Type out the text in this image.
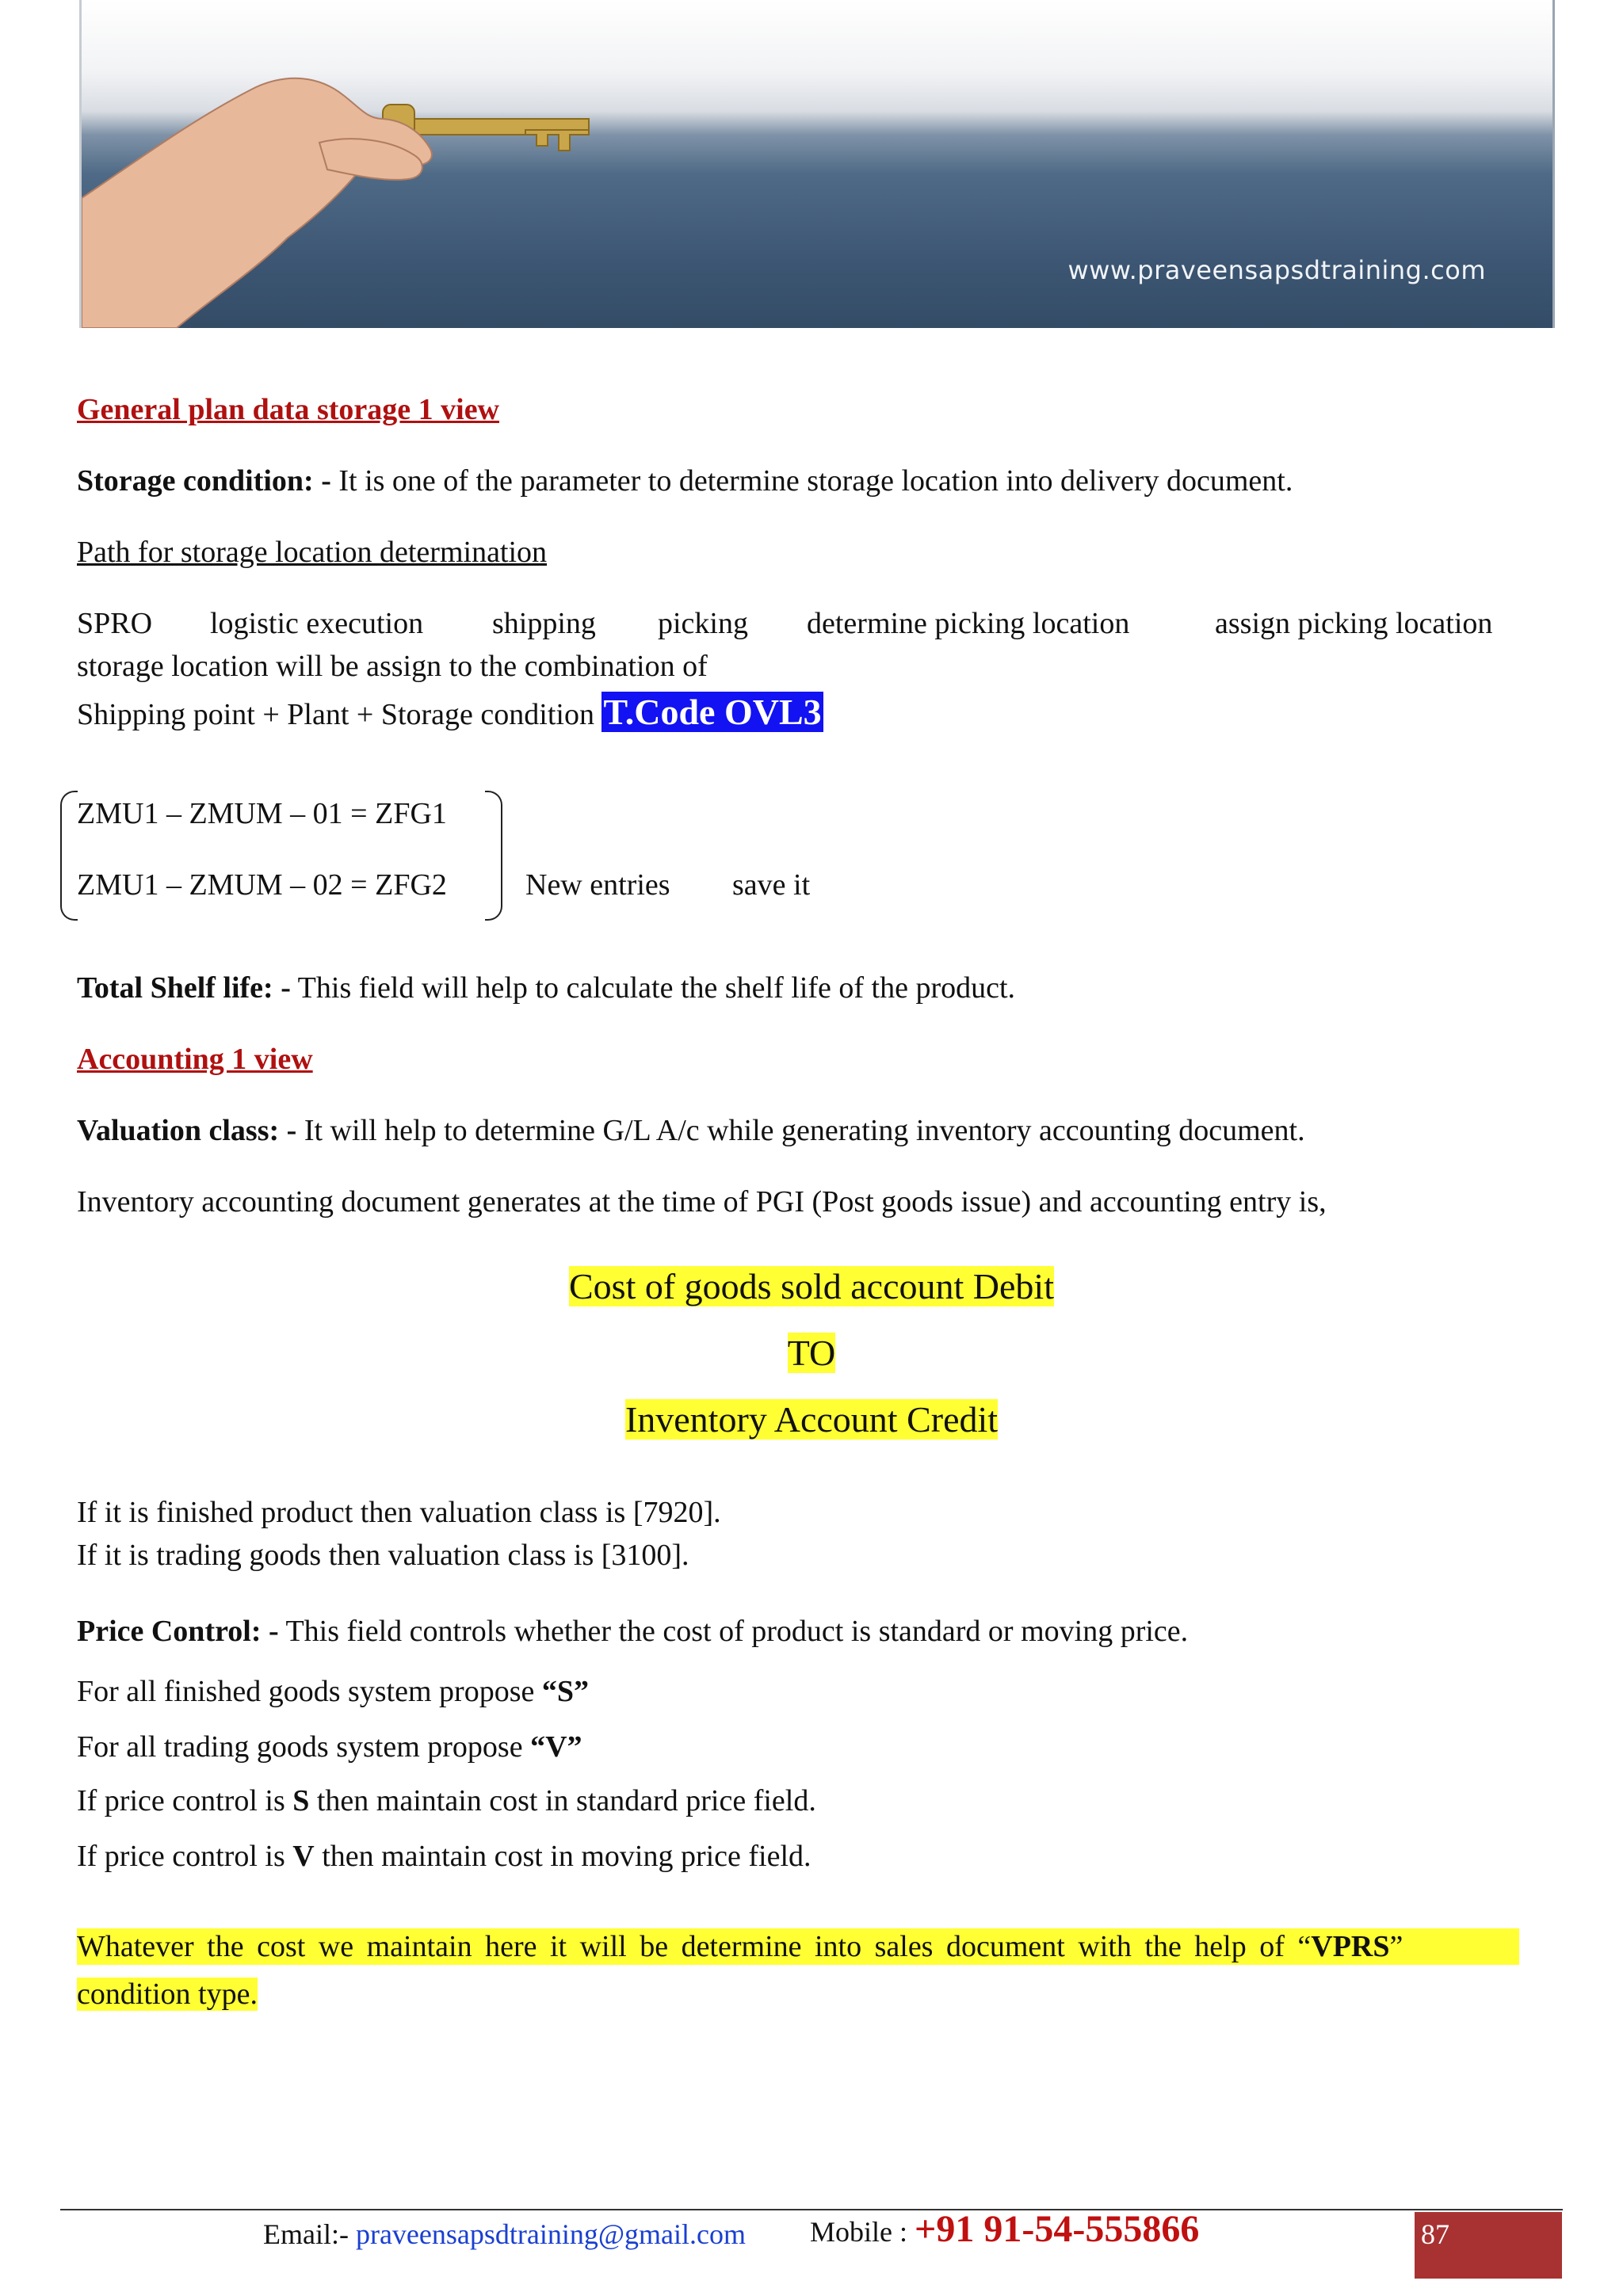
www.praveensapsdtraining.com
General plan data storage 1 view
Storage condition: - It is one of the parameter to determine storage location into delivery document.
Path for storage location determination
SPRO logistic execution shipping picking determine picking location	assign picking location
storage location will be assign to the combination of
Shipping point + Plant + Storage condition T.Code OVL3
ZMU1 – ZMUM – 01 = ZFG1
ZMU1 – ZMUM – 02 = ZFG2	New entries save it
Total Shelf life: - This field will help to calculate the shelf life of the product.
Accounting 1 view
Valuation class: - It will help to determine G/L A/c while generating inventory accounting document.
Inventory accounting document generates at the time of PGI (Post goods issue) and accounting entry is,
Cost of goods sold account Debit
TO
Inventory Account Credit
If it is finished product then valuation class is [7920].
If it is trading goods then valuation class is [3100].
Price Control: - This field controls whether the cost of product is standard or moving price.
For all finished goods system propose “S”
For all trading goods system propose “V”
If price control is S then maintain cost in standard price field.
If price control is V then maintain cost in moving price field.
Whatever the cost we maintain here it will be determine into sales document with the help of “VPRS”
condition type.
Email:- praveensapsdtraining@gmail.com Mobile : +91 91-54-555866	87
